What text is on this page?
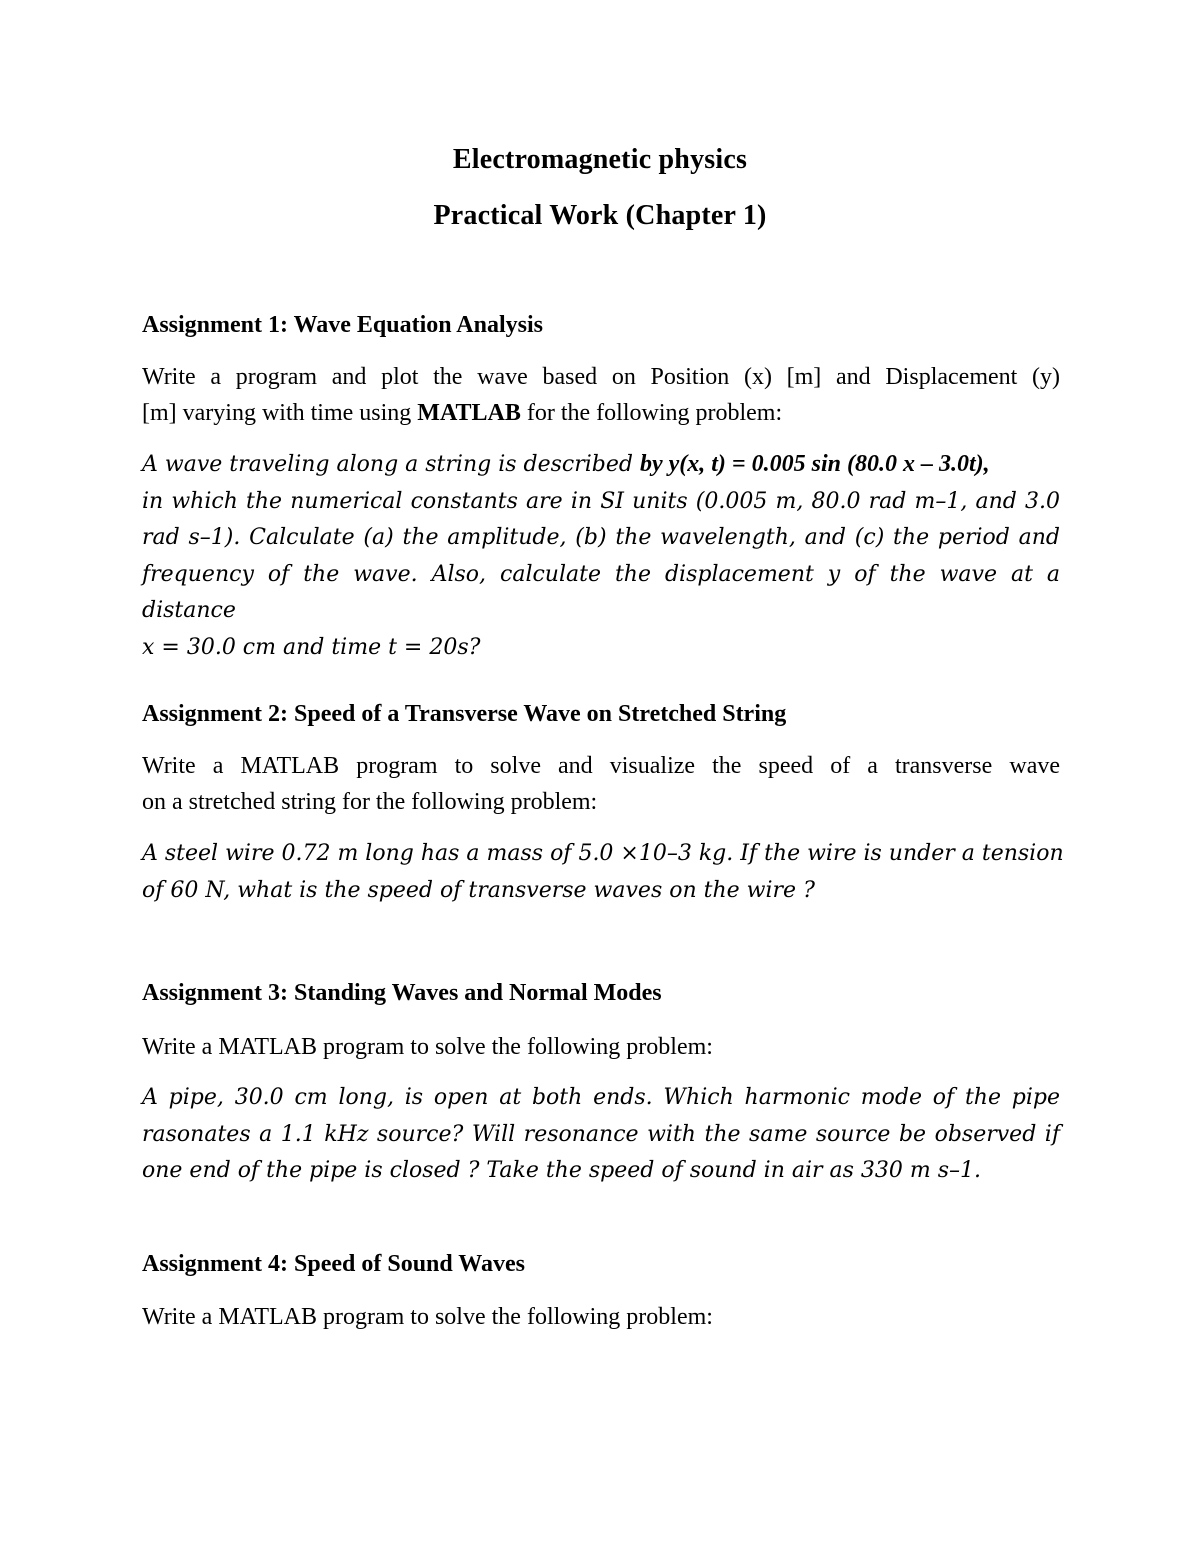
Electromagnetic physics
Practical Work (Chapter 1)
Assignment 1: Wave Equation Analysis
Write a program and plot the wave based on Position (x) [m] and Displacement (y)
[m] varying with time using MATLAB for the following problem:
A wave traveling along a string is described by y(x, t) = 0.005 sin (80.0 x – 3.0t),
in which the numerical constants are in SI units (0.005 m, 80.0 rad m–1, and 3.0
rad s–1). Calculate (a) the amplitude, (b) the wavelength, and (c) the period and
frequency of the wave. Also, calculate the displacement y of the wave at a distance
x = 30.0 cm and time t = 20s?
Assignment 2: Speed of a Transverse Wave on Stretched String
Write a MATLAB program to solve and visualize the speed of a transverse wave
on a stretched string for the following problem:
A steel wire 0.72 m long has a mass of 5.0 ×10–3 kg. If the wire is under a tension
of 60 N, what is the speed of transverse waves on the wire ?
Assignment 3: Standing Waves and Normal Modes
Write a MATLAB program to solve the following problem:
A pipe, 30.0 cm long, is open at both ends. Which harmonic mode of the pipe
rasonates a 1.1 kHz source? Will resonance with the same source be observed if
one end of the pipe is closed ? Take the speed of sound in air as 330 m s–1.
Assignment 4: Speed of Sound Waves
Write a MATLAB program to solve the following problem:
